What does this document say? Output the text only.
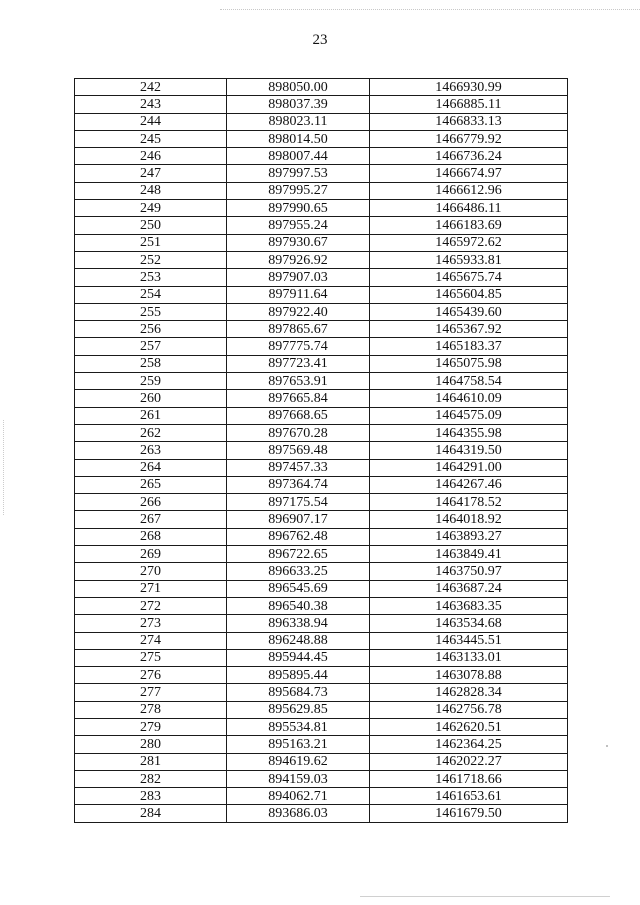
23
242	898050.00	1466930.99
243	898037.39	1466885.11
244	898023.11	1466833.13
245	898014.50	1466779.92
246	898007.44	1466736.24
247	897997.53	1466674.97
248	897995.27	1466612.96
249	897990.65	1466486.11
250	897955.24	1466183.69
251	897930.67	1465972.62
252	897926.92	1465933.81
253	897907.03	1465675.74
254	897911.64	1465604.85
255	897922.40	1465439.60
256	897865.67	1465367.92
257	897775.74	1465183.37
258	897723.41	1465075.98
259	897653.91	1464758.54
260	897665.84	1464610.09
261	897668.65	1464575.09
262	897670.28	1464355.98
263	897569.48	1464319.50
264	897457.33	1464291.00
265	897364.74	1464267.46
266	897175.54	1464178.52
267	896907.17	1464018.92
268	896762.48	1463893.27
269	896722.65	1463849.41
270	896633.25	1463750.97
271	896545.69	1463687.24
272	896540.38	1463683.35
273	896338.94	1463534.68
274	896248.88	1463445.51
275	895944.45	1463133.01
276	895895.44	1463078.88
277	895684.73	1462828.34
278	895629.85	1462756.78
279	895534.81	1462620.51
280	895163.21	1462364.25
281	894619.62	1462022.27
282	894159.03	1461718.66
283	894062.71	1461653.61
284	893686.03	1461679.50
